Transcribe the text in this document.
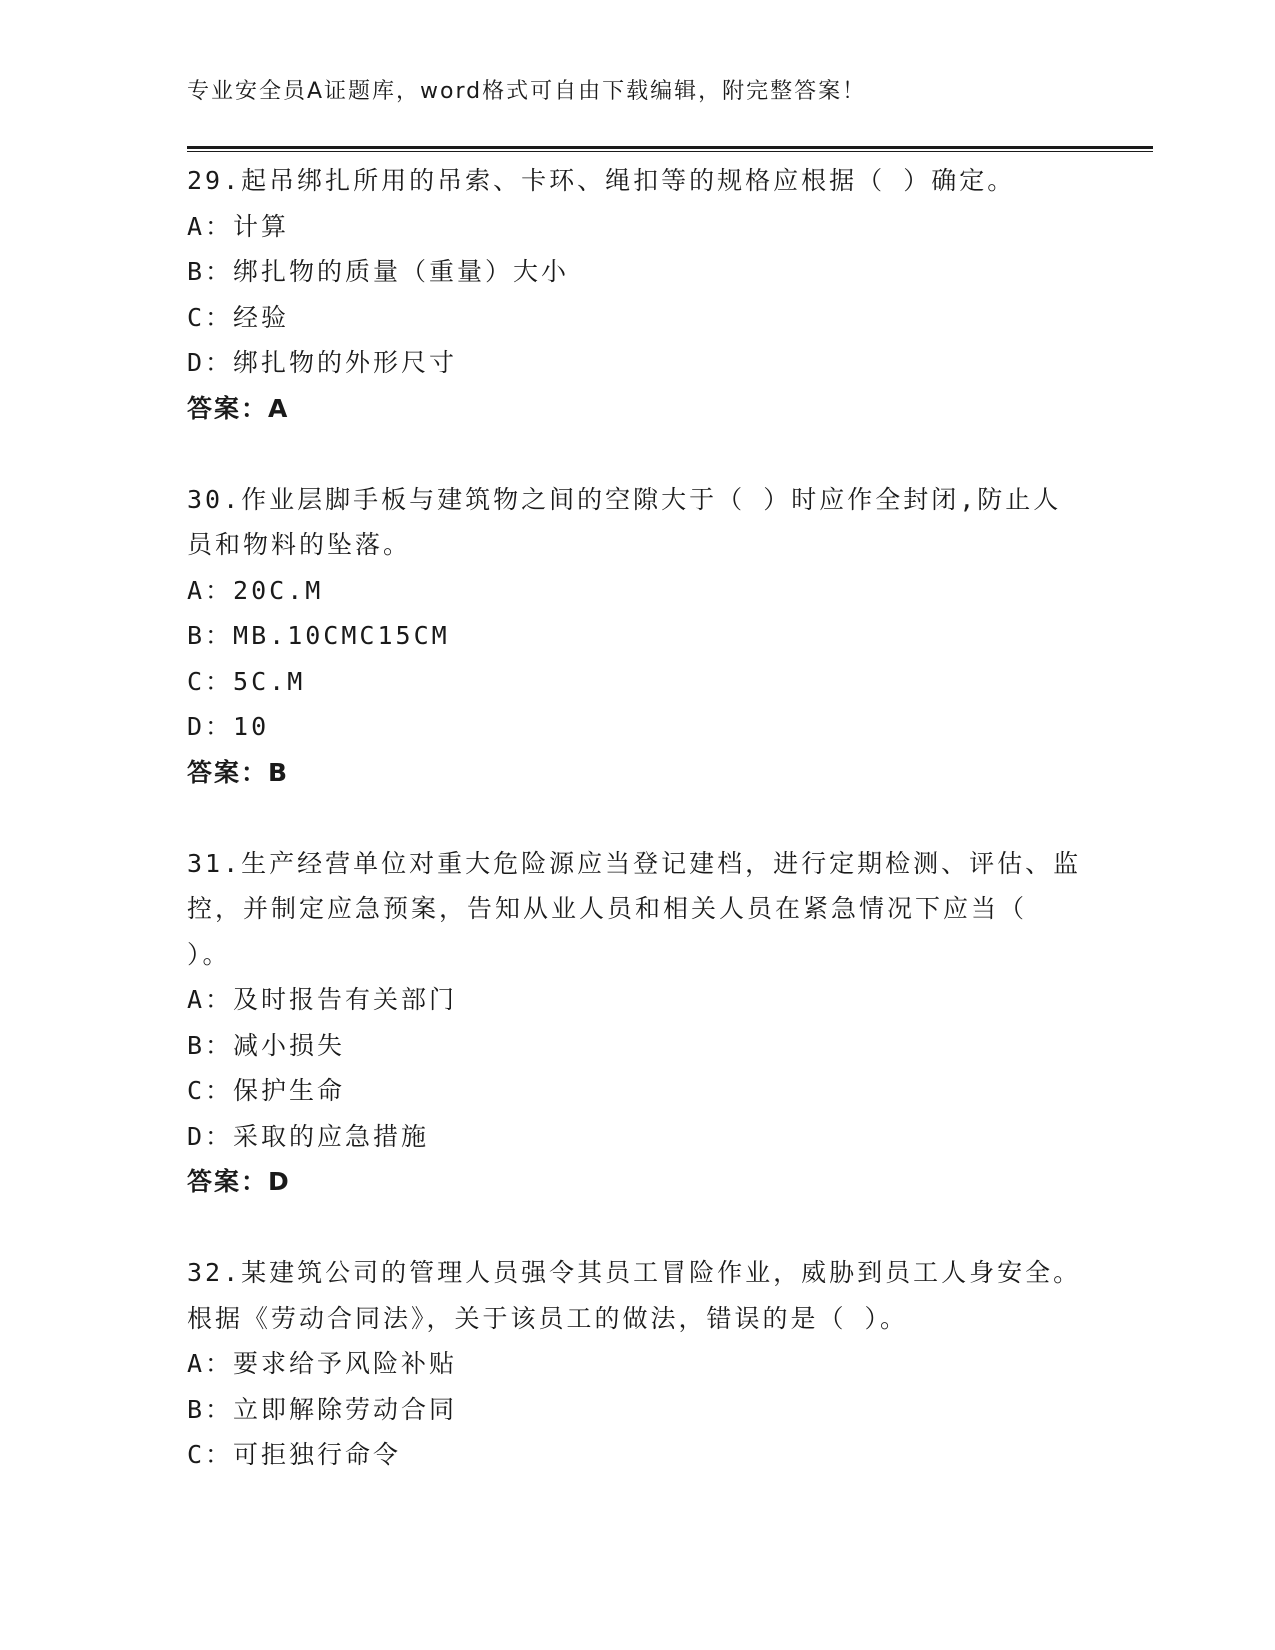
专业安全员A证题库，word格式可自由下载编辑，附完整答案！

29.起吊绑扎所用的吊索、卡环、绳扣等的规格应根据（ ）确定。

A：计算

B：绑扎物的质量（重量）大小

C：经验

D：绑扎物的外形尺寸

答案：A

30.作业层脚手板与建筑物之间的空隙大于（ ）时应作全封闭,防止人员和物料的坠落。

A：20C.M

B：MB.10CMC15CM

C：5C.M

D：10

答案：B

31.生产经营单位对重大危险源应当登记建档，进行定期检测、评估、监控，并制定应急预案，告知从业人员和相关人员在紧急情况下应当（ ）。

A：及时报告有关部门

B：减小损失

C：保护生命

D：采取的应急措施

答案：D

32.某建筑公司的管理人员强令其员工冒险作业，威胁到员工人身安全。根据《劳动合同法》，关于该员工的做法，错误的是（ ）。

A：要求给予风险补贴

B：立即解除劳动合同

C：可拒独行命令
